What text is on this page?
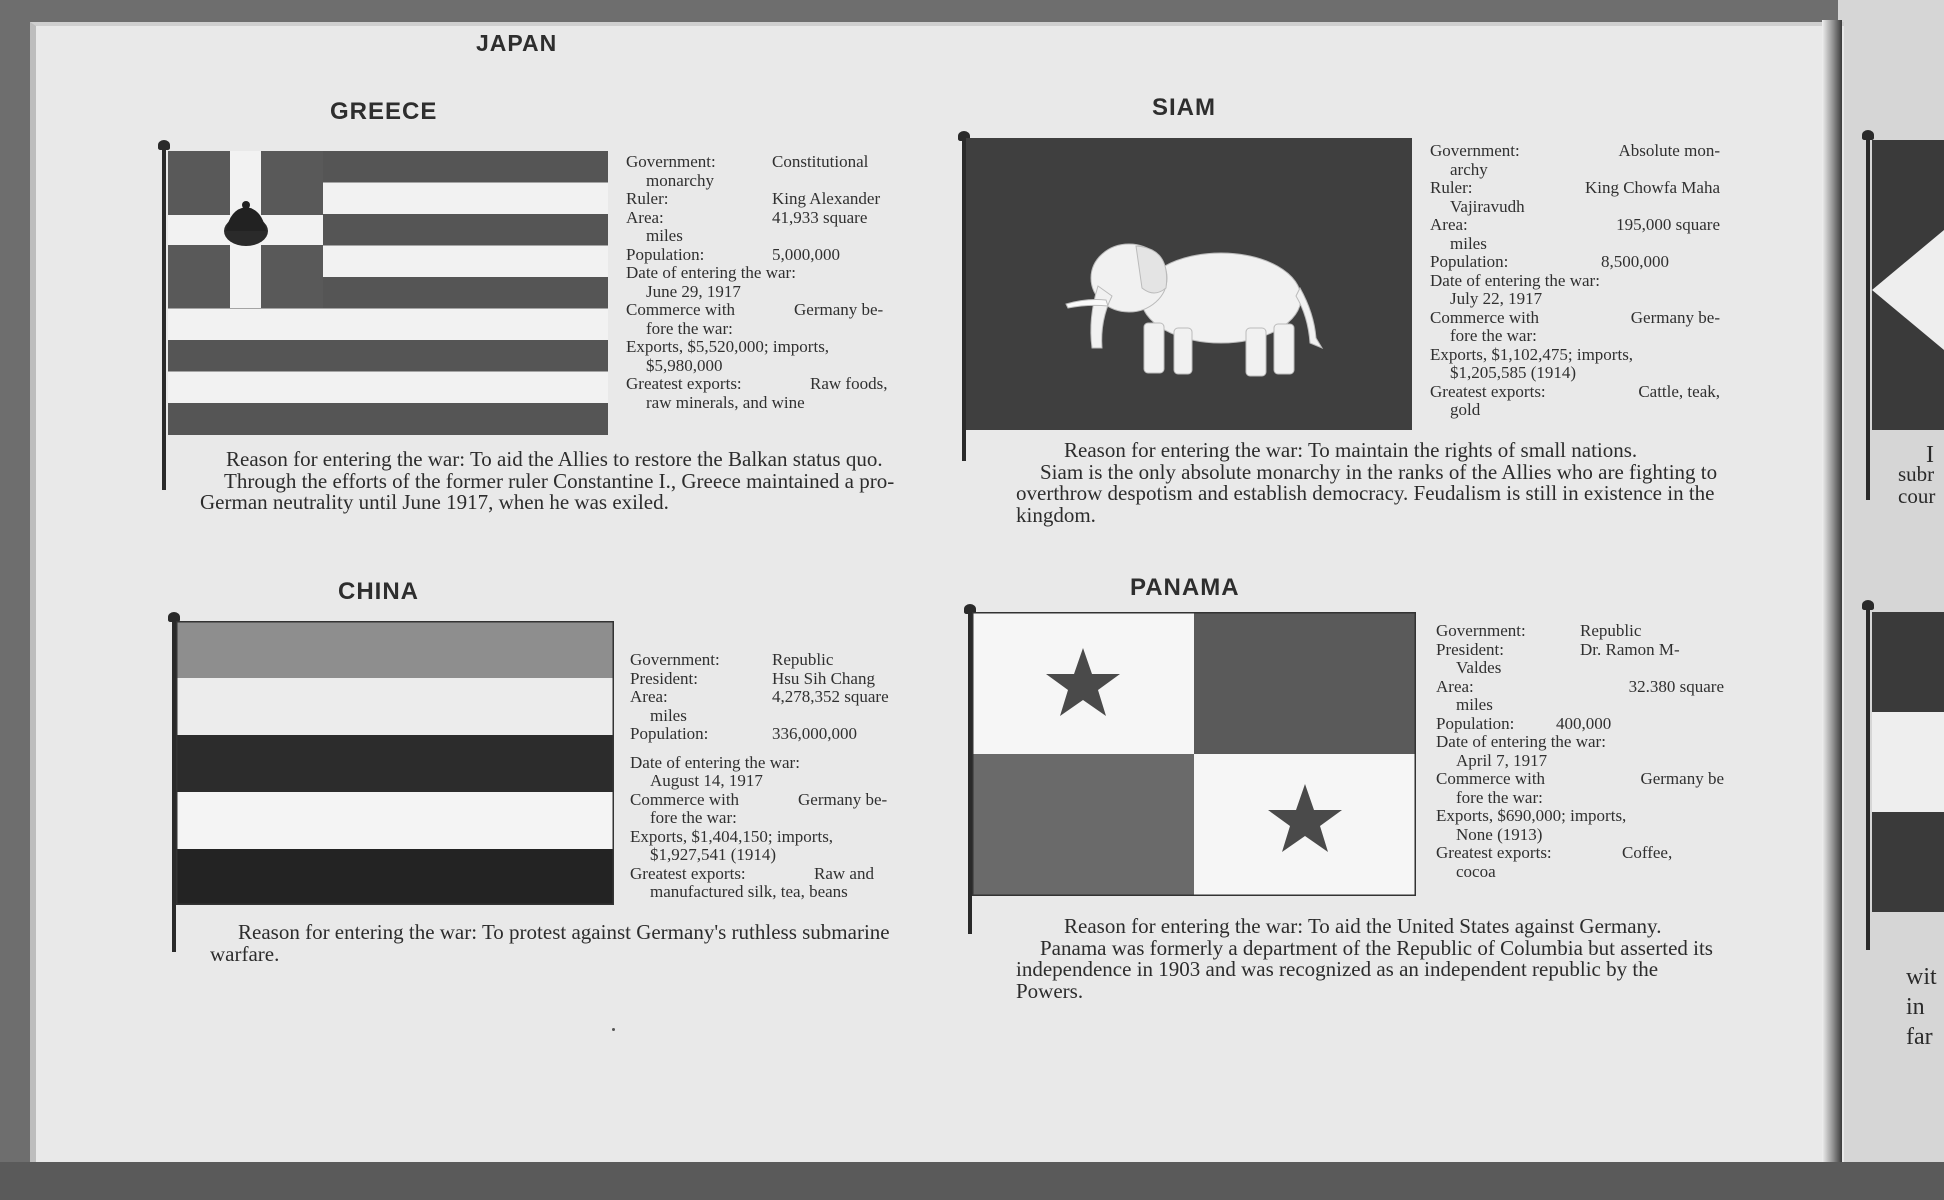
JAPAN
GREECE
Government:	Constitutional
monarchy
Ruler:	King Alexander
Area:	41,933 square
miles
Population:	5,000,000
Date of entering the war:
June 29, 1917
Commerce with	Germany be-
fore the war:
Exports, $5,520,000; imports,
$5,980,000
Greatest exports:	Raw foods,
raw minerals, and wine

Reason for entering the war: To aid the Allies to restore the Balkan status quo.

Through the efforts of the former ruler Constantine I., Greece maintained a pro-German neutrality until June 1917, when he was exiled.

CHINA
Government:	Republic
President:	Hsu Sih Chang
Area:	4,278,352 square
miles
Population:	336,000,000
Date of entering the war:
August 14, 1917
Commerce with	Germany be-
fore the war:
Exports, $1,404,150; imports,
$1,927,541 (1914)
Greatest exports:	Raw and
manufactured silk, tea, beans

Reason for entering the war: To protest against Germany's ruthless submarine warfare.

SIAM
Government:	Absolute mon-
archy
Ruler:	King Chowfa Maha
Vajiravudh
Area:	195,000 square
miles
Population:	8,500,000
Date of entering the war:
July 22, 1917
Commerce with	Germany be-
fore the war:
Exports, $1,102,475; imports,
$1,205,585 (1914)
Greatest exports:	Cattle, teak,
gold

Reason for entering the war: To maintain the rights of small nations.

Siam is the only absolute monarchy in the ranks of the Allies who are fighting to overthrow despotism and establish democracy. Feudalism is still in existence in the kingdom.

PANAMA
Government:	Republic
President:	Dr. Ramon M-
Valdes
Area:	32.380 square
miles
Population:	400,000
Date of entering the war:
April 7, 1917
Commerce with	Germany be
fore the war:
Exports, $690,000; imports,
None (1913)
Greatest exports:	Coffee,
cocoa

Reason for entering the war: To aid the United States against Germany.

Panama was formerly a department of the Republic of Columbia but asserted its independence in 1903 and was recognized as an independent republic by the Powers.

I
subr
cour
wit
in
far
